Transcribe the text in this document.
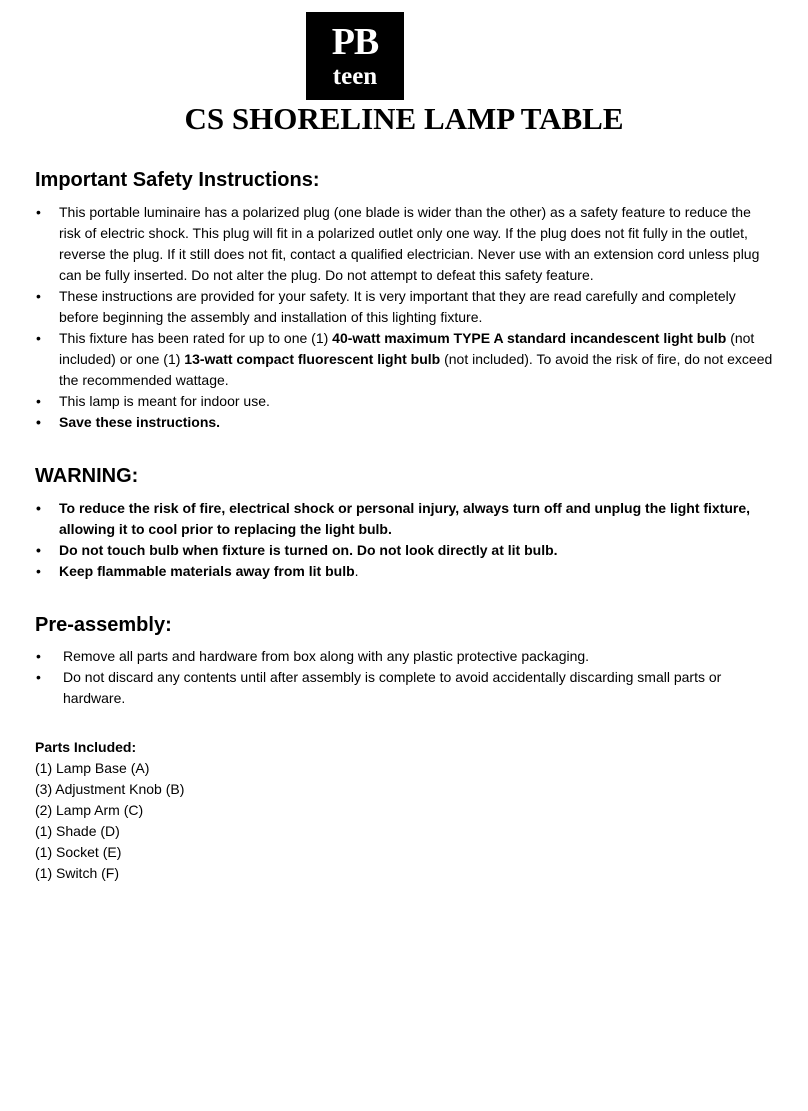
PB
teen
CS SHORELINE LAMP TABLE
Important Safety Instructions:
• This portable luminaire has a polarized plug (one blade is wider than the other) as a safety feature to reduce the risk of electric shock. This plug will fit in a polarized outlet only one way. If the plug does not fit fully in the outlet, reverse the plug. If it still does not fit, contact a qualified electrician. Never use with an extension cord unless plug can be fully inserted. Do not alter the plug. Do not attempt to defeat this safety feature.
• These instructions are provided for your safety. It is very important that they are read carefully and completely before beginning the assembly and installation of this lighting fixture.
• This fixture has been rated for up to one (1) 40-watt maximum TYPE A standard incandescent light bulb (not included) or one (1) 13-watt compact fluorescent light bulb (not included). To avoid the risk of fire, do not exceed the recommended wattage.
• This lamp is meant for indoor use.
• Save these instructions.
WARNING:
• To reduce the risk of fire, electrical shock or personal injury, always turn off and unplug the light fixture, allowing it to cool prior to replacing the light bulb.
• Do not touch bulb when fixture is turned on. Do not look directly at lit bulb.
• Keep flammable materials away from lit bulb.
Pre-assembly:
• Remove all parts and hardware from box along with any plastic protective packaging.
• Do not discard any contents until after assembly is complete to avoid accidentally discarding small parts or hardware.
Parts Included:
(1) Lamp Base (A)
(3) Adjustment Knob (B)
(2) Lamp Arm (C)
(1) Shade (D)
(1) Socket (E)
(1) Switch (F)
